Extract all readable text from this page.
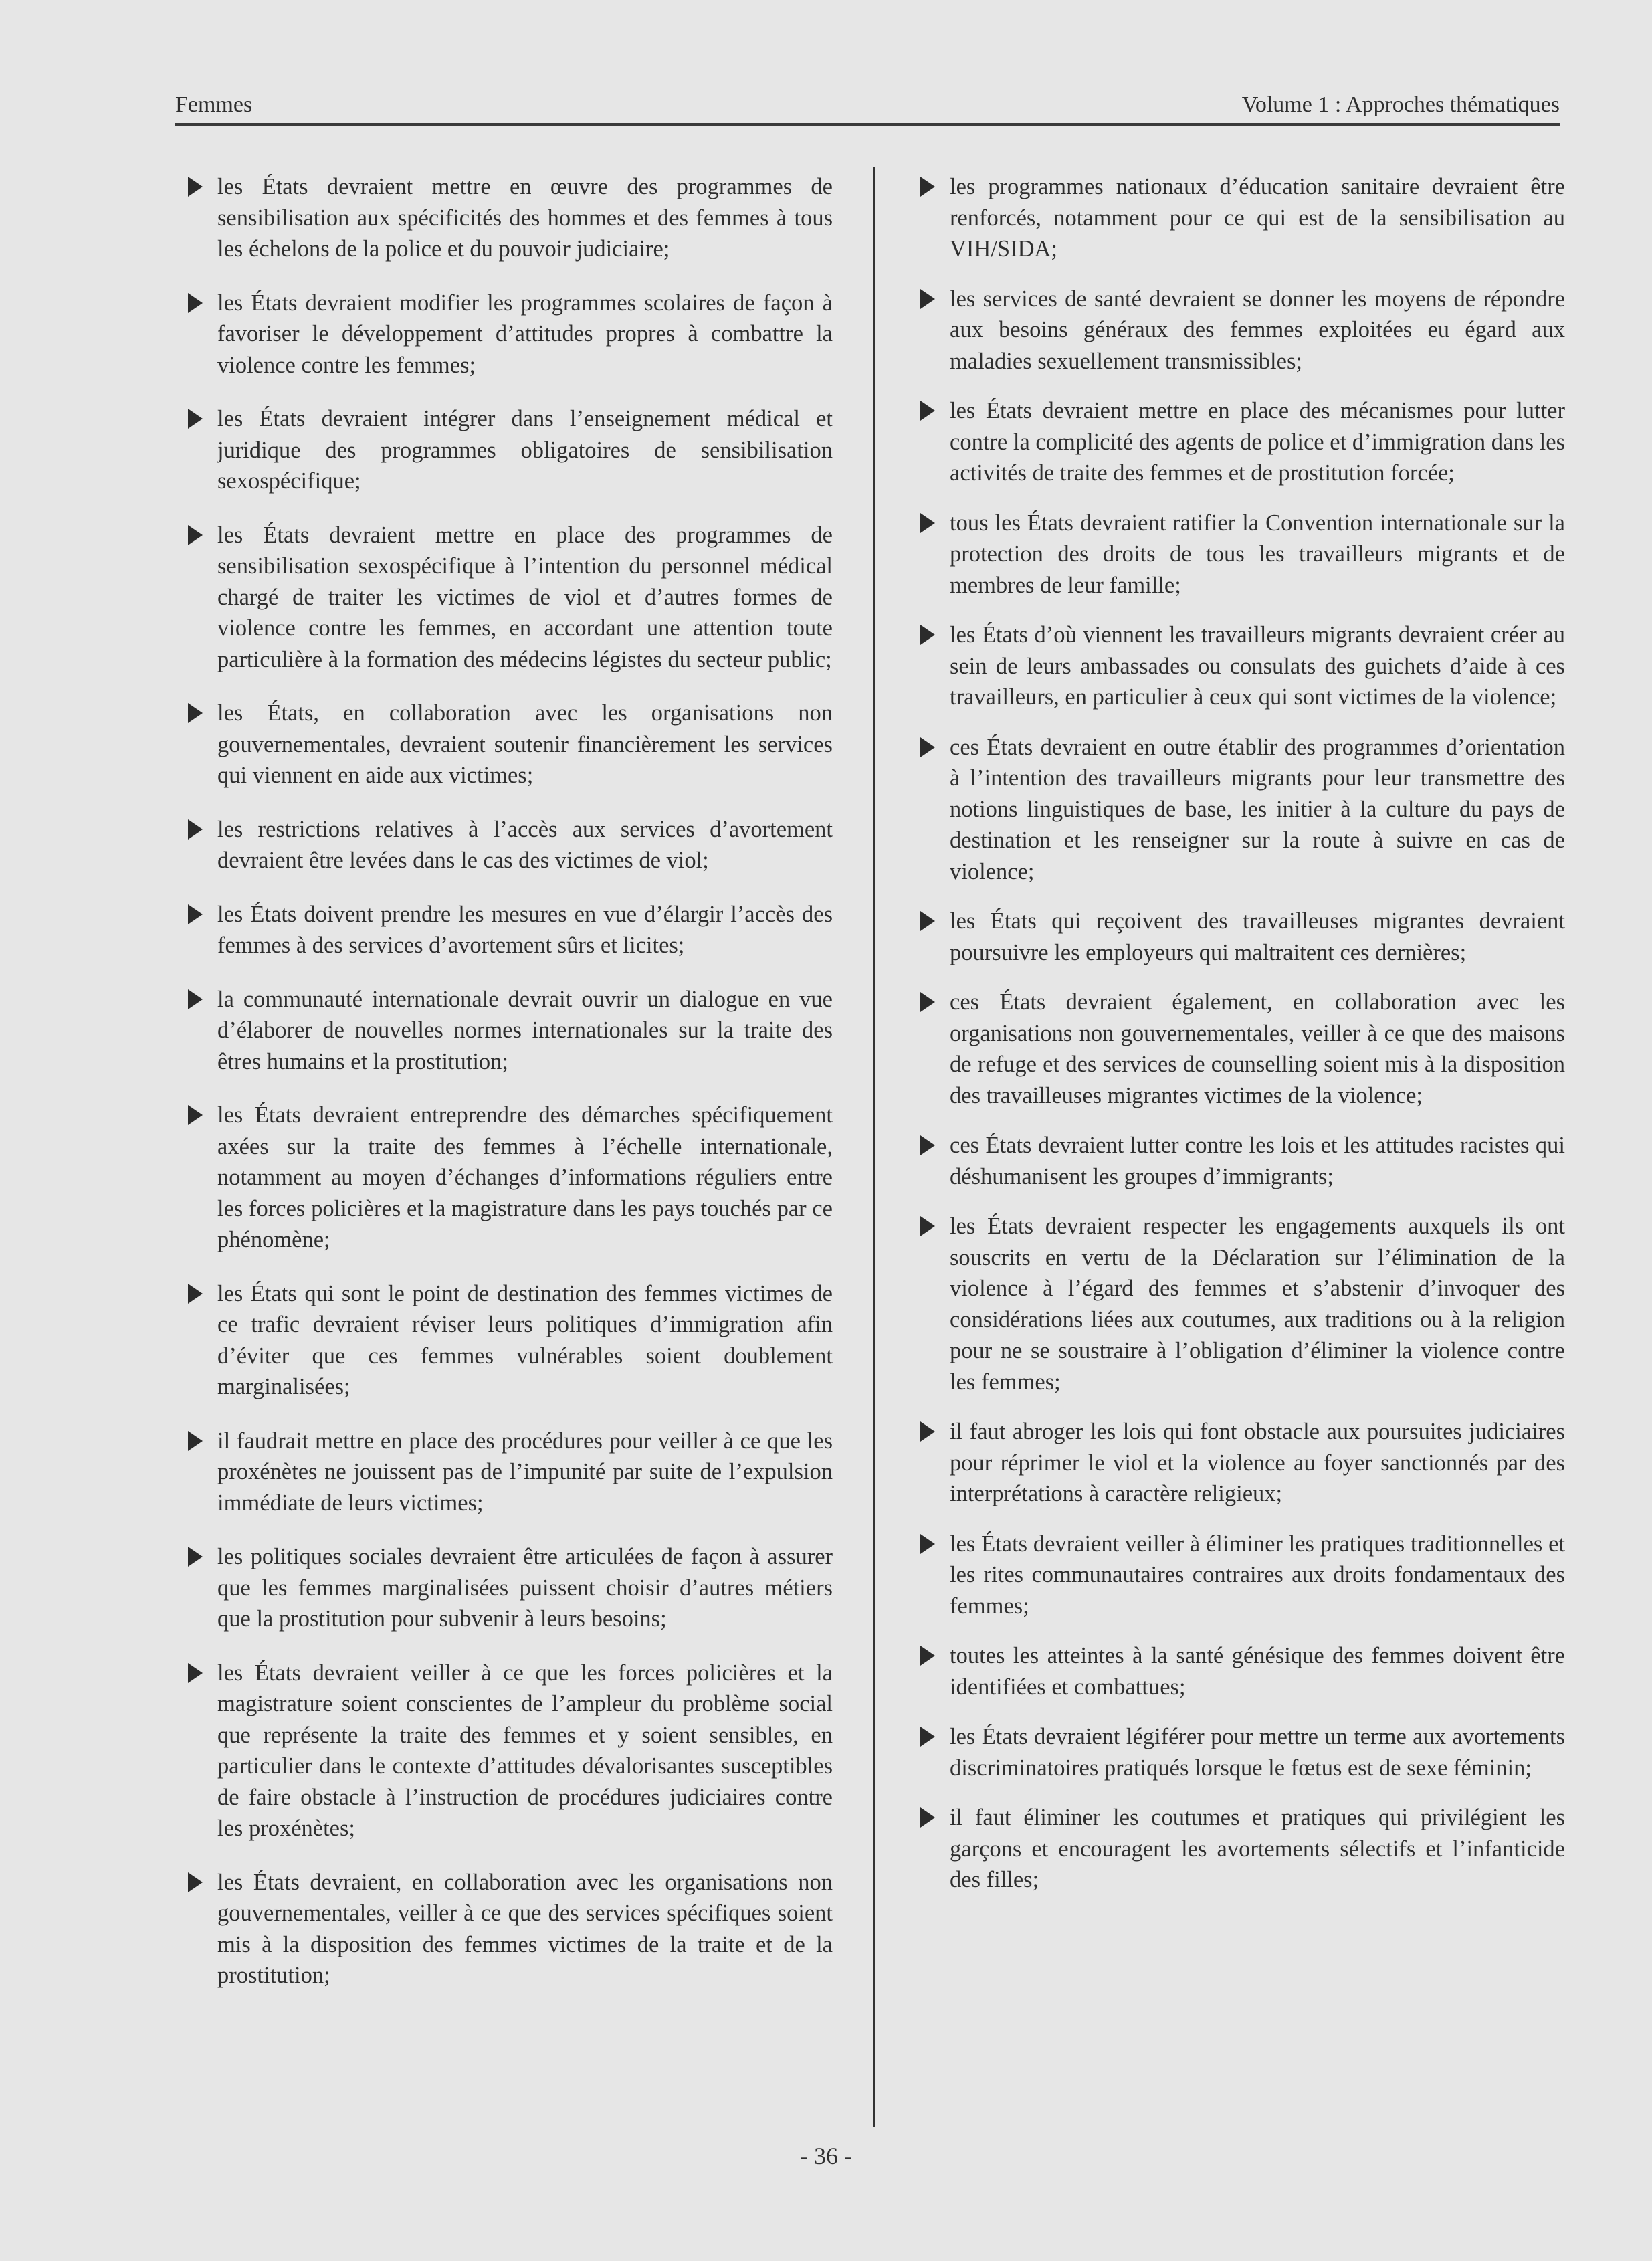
Femmes	Volume 1 : Approches thématiques

les États devraient mettre en œuvre des programmes de sensibilisation aux spécificités des hommes et des femmes à tous les échelons de la police et du pouvoir judiciaire;

les États devraient modifier les programmes scolaires de façon à favoriser le développement d’attitudes propres à combattre la violence contre les femmes;

les États devraient intégrer dans l’enseignement médical et juridique des programmes obligatoires de sensibilisation sexospécifique;

les États devraient mettre en place des programmes de sensibilisation sexospécifique à l’intention du personnel médical chargé de traiter les victimes de viol et d’autres formes de violence contre les femmes, en accordant une attention toute particulière à la formation des médecins légistes du secteur public;

les États, en collaboration avec les organisations non gouvernementales, devraient soutenir financièrement les services qui viennent en aide aux victimes;

les restrictions relatives à l’accès aux services d’avortement devraient être levées dans le cas des victimes de viol;

les États doivent prendre les mesures en vue d’élargir l’accès des femmes à des services d’avortement sûrs et licites;

la communauté internationale devrait ouvrir un dialogue en vue d’élaborer de nouvelles normes internationales sur la traite des êtres humains et la prostitution;

les États devraient entreprendre des démarches spécifiquement axées sur la traite des femmes à l’échelle internationale, notamment au moyen d’échanges d’informations réguliers entre les forces policières et la magistrature dans les pays touchés par ce phénomène;

les États qui sont le point de destination des femmes victimes de ce trafic devraient réviser leurs politiques d’immigration afin d’éviter que ces femmes vulnérables soient doublement marginalisées;

il faudrait mettre en place des procédures pour veiller à ce que les proxénètes ne jouissent pas de l’impunité par suite de l’expulsion immédiate de leurs victimes;

les politiques sociales devraient être articulées de façon à assurer que les femmes marginalisées puissent choisir d’autres métiers que la prostitution pour subvenir à leurs besoins;

les États devraient veiller à ce que les forces policières et la magistrature soient conscientes de l’ampleur du problème social que représente la traite des femmes et y soient sensibles, en particulier dans le contexte d’attitudes dévalorisantes susceptibles de faire obstacle à l’instruction de procédures judiciaires contre les proxénètes;

les États devraient, en collaboration avec les organisations non gouvernementales, veiller à ce que des services spécifiques soient mis à la disposition des femmes victimes de la traite et de la prostitution;

les programmes nationaux d’éducation sanitaire devraient être renforcés, notamment pour ce qui est de la sensibilisation au VIH/SIDA;

les services de santé devraient se donner les moyens de répondre aux besoins généraux des femmes exploitées eu égard aux maladies sexuellement transmissibles;

les États devraient mettre en place des mécanismes pour lutter contre la complicité des agents de police et d’immigration dans les activités de traite des femmes et de prostitution forcée;

tous les États devraient ratifier la Convention internationale sur la protection des droits de tous les travailleurs migrants et de membres de leur famille;

les États d’où viennent les travailleurs migrants devraient créer au sein de leurs ambassades ou consulats des guichets d’aide à ces travailleurs, en particulier à ceux qui sont victimes de la violence;

ces États devraient en outre établir des programmes d’orientation à l’intention des travailleurs migrants pour leur transmettre des notions linguistiques de base, les initier à la culture du pays de destination et les renseigner sur la route à suivre en cas de violence;

les États qui reçoivent des travailleuses migrantes devraient poursuivre les employeurs qui maltraitent ces dernières;

ces États devraient également, en collaboration avec les organisations non gouvernementales, veiller à ce que des maisons de refuge et des services de counselling soient mis à la disposition des travailleuses migrantes victimes de la violence;

ces États devraient lutter contre les lois et les attitudes racistes qui déshumanisent les groupes d’immigrants;

les États devraient respecter les engagements auxquels ils ont souscrits en vertu de la Déclaration sur l’élimination de la violence à l’égard des femmes et s’abstenir d’invoquer des considérations liées aux coutumes, aux traditions ou à la religion pour ne se soustraire à l’obligation d’éliminer la violence contre les femmes;

il faut abroger les lois qui font obstacle aux poursuites judiciaires pour réprimer le viol et la violence au foyer sanctionnés par des interprétations à caractère religieux;

les États devraient veiller à éliminer les pratiques traditionnelles et les rites communautaires contraires aux droits fondamentaux des femmes;

toutes les atteintes à la santé génésique des femmes doivent être identifiées et combattues;

les États devraient légiférer pour mettre un terme aux avortements discriminatoires pratiqués lorsque le fœtus est de sexe féminin;

il faut éliminer les coutumes et pratiques qui privilégient les garçons et encouragent les avortements sélectifs et l’infanticide des filles;

- 36 -
